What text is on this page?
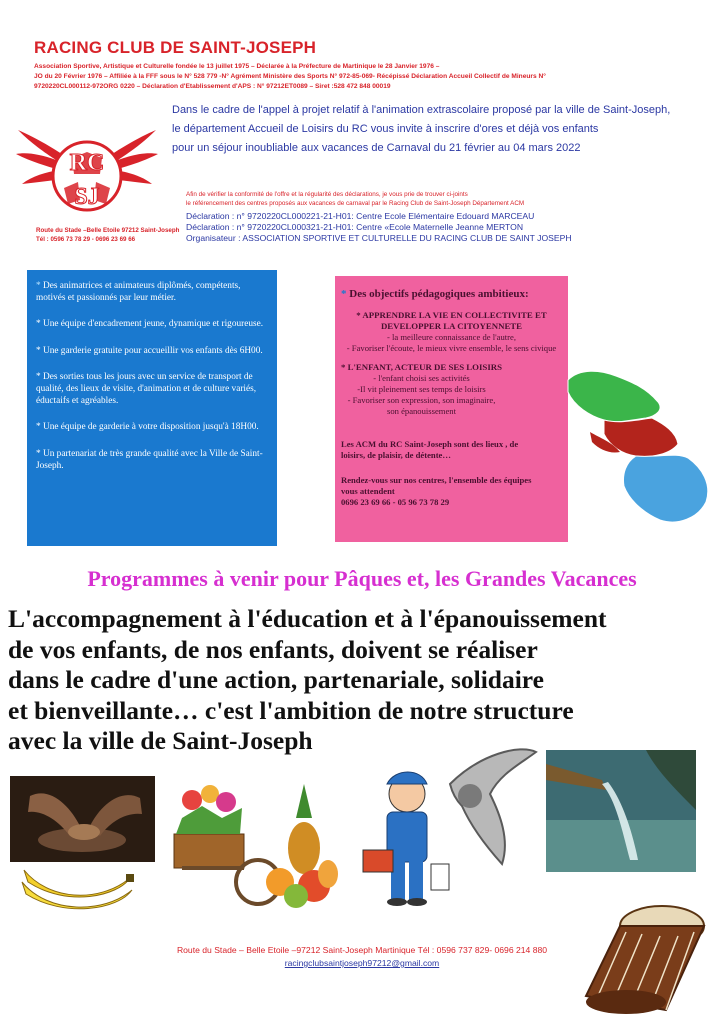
RACING CLUB DE SAINT-JOSEPH
Association Sportive, Artistique et Culturelle fondée le 13 juillet 1975 – Déclarée à la Préfecture de Martinique le 28 Janvier 1976 –
JO du 20 Février 1976 – Affiliée à la FFF sous le N° 528 779 -N° Agrément Ministère des Sports N° 972-85-069- Récépissé Déclaration Accueil Collectif de Mineurs N°
9720220CL000112-972ORG 0220 – Déclaration d'Etablissement d'APS : N° 97212ET0089 – Siret :528 472 848 00019
RC
SJ
Route du Stade –Belle Etoile 97212 Saint-Joseph
Tél : 0596 73 78 29 - 0696 23 69 66
Dans le cadre de l'appel à projet relatif à l'animation extrascolaire proposé par la ville de Saint-Joseph,
le département Accueil de Loisirs du RC vous invite à inscrire d'ores et déjà vos enfants
pour un séjour inoubliable aux vacances de Carnaval du 21 février au 04 mars 2022
Afin de vérifier la conformité de l'offre et la régularité des déclarations, je vous prie de trouver ci-joints
le référencement des centres proposés aux vacances de carnaval par le Racing Club de Saint-Joseph Département ACM
Déclaration : n° 9720220CL000221-21-H01: Centre Ecole Elémentaire Edouard MARCEAU
Déclaration : n° 9720220CL000321-21-H01: Centre «Ecole Maternelle Jeanne MERTON
Organisateur : ASSOCIATION SPORTIVE ET CULTURELLE DU RACING CLUB DE SAINT JOSEPH

* Des animatrices et animateurs diplômés, compétents, motivés et passionnés par leur métier.

* Une équipe d'encadrement jeune, dynamique et rigoureuse.

* Une garderie gratuite pour accueillir vos enfants dès 6H00.

* Des sorties tous les jours avec un service de transport de qualité, des lieux de visite, d'animation et de culture variés, éductaifs et agréables.

* Une équipe de garderie à votre disposition jusqu'à 18H00.

* Un partenariat de très grande qualité avec la Ville de Saint-Joseph.

* Des objectifs pédagogiques ambitieux:
* APPRENDRE LA VIE EN COLLECTIVITE ET DEVELOPPER LA CITOYENNETE
- la meilleure connaissance de l'autre,
- Favoriser l'écoute, le mieux vivre ensemble, le sens civique
* L'ENFANT, ACTEUR DE SES LOISIRS
- l'enfant choisi ses activités
-Il vit pleinement ses temps de loisirs
- Favoriser son expression, son imaginaire, son épanouissement

Les ACM du RC Saint-Joseph sont des lieux , de loisirs, de plaisir, de détente…

Rendez-vous sur nos centres, l'ensemble des équipes vous attendent
0696 23 69 66 - 05 96 73 78 29
Programmes à venir pour Pâques et, les Grandes Vacances
L'accompagnement à l'éducation et à l'épanouissement
de vos enfants, de nos enfants, doivent se réaliser
dans le cadre d'une action, partenariale, solidaire
et bienveillante… c'est l'ambition de notre structure
avec la ville de Saint-Joseph
Route du Stade – Belle Etoile –97212 Saint-Joseph Martinique Tél : 0596 737 829- 0696 214 880
racingclubsaintjoseph97212@gmail.com
